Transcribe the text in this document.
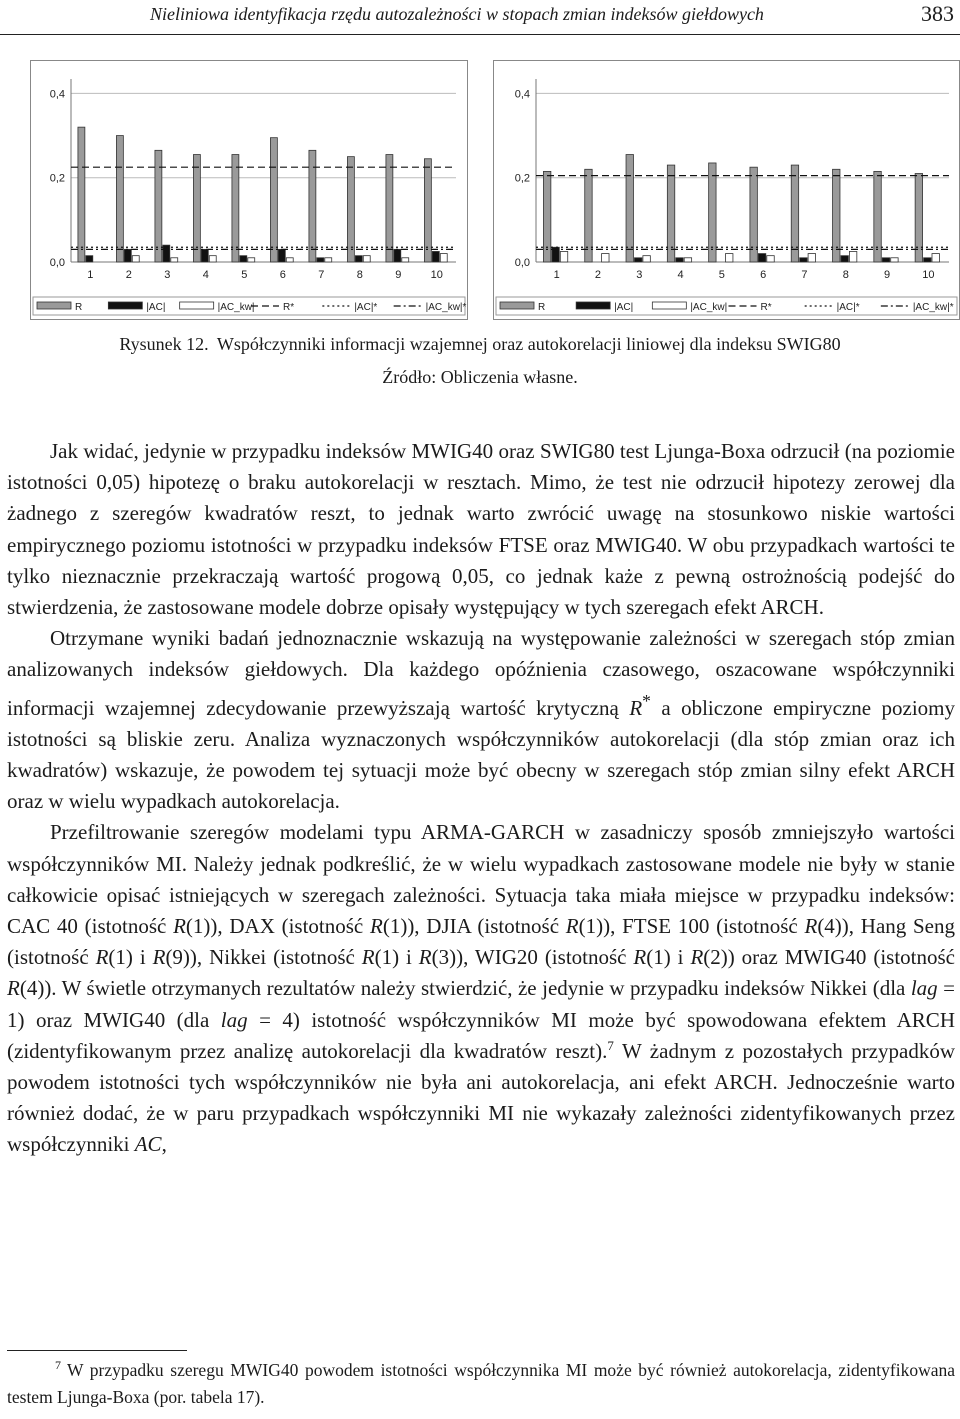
Nieliniowa identyfikacja rzędu autozależności w stopach zmian indeksów giełdowych	383
0,0
0,2
0,4
1	2	3	4	5	6	7	8	9	10
R	|AC|	|AC_kw|	R*	|AC|*	|AC_kw|*
0,0
0,2
0,4
1	2	3	4	5	6	7	8	9	10
R	|AC|	|AC_kw|	R*	|AC|*	|AC_kw|*
Rysunek 12. Współczynniki informacji wzajemnej oraz autokorelacji liniowej dla indeksu SWIG80
Źródło: Obliczenia własne.

Jak widać, jedynie w przypadku indeksów MWIG40 oraz SWIG80 test Ljunga-Boxa odrzucił (na poziomie istotności 0,05) hipotezę o braku autokorelacji w resztach. Mimo, że test nie odrzucił hipotezy zerowej dla żadnego z szeregów kwadratów reszt, to jednak warto zwrócić uwagę na stosunkowo niskie wartości empirycznego poziomu istotności w przypadku indeksów FTSE oraz MWIG40. W obu przypadkach wartości te tylko nieznacznie przekraczają wartość progową 0,05, co jednak każe z pewną ostrożnością podejść do stwierdzenia, że zastosowane modele dobrze opisały występujący w tych szeregach efekt ARCH.

Otrzymane wyniki badań jednoznacznie wskazują na występowanie zależności w szeregach stóp zmian analizowanych indeksów giełdowych. Dla każdego opóźnienia czasowego, oszacowane współczynniki informacji wzajemnej zdecydowanie przewyższają wartość krytyczną R* a obliczone empiryczne poziomy istotności są bliskie zeru. Analiza wyznaczonych współczynników autokorelacji (dla stóp zmian oraz ich kwadratów) wskazuje, że powodem tej sytuacji może być obecny w szeregach stóp zmian silny efekt ARCH oraz w wielu wypadkach autokorelacja.

Przefiltrowanie szeregów modelami typu ARMA-GARCH w zasadniczy sposób zmniejszyło wartości współczynników MI. Należy jednak podkreślić, że w wielu wypadkach zastosowane modele nie były w stanie całkowicie opisać istniejących w szeregach zależności. Sytuacja taka miała miejsce w przypadku indeksów: CAC 40 (istotność R(1)), DAX (istotność R(1)), DJIA (istotność R(1)), FTSE 100 (istotność R(4)), Hang Seng (istotność R(1) i R(9)), Nikkei (istotność R(1) i R(3)), WIG20 (istotność R(1) i R(2)) oraz MWIG40 (istotność R(4)). W świetle otrzymanych rezultatów należy stwierdzić, że jedynie w przypadku indeksów Nikkei (dla lag = 1) oraz MWIG40 (dla lag = 4) istotność współczynników MI może być spowodowana efektem ARCH (zidentyfikowanym przez analizę autokorelacji dla kwadratów reszt).$^7$ W żadnym z pozostałych przypadków powodem istotności tych współczynników nie była ani autokorelacja, ani efekt ARCH. Jednocześnie warto również dodać, że w paru przypadkach współczynniki MI nie wykazały zależności zidentyfikowanych przez współczynniki AC,

$^7$ W przypadku szeregu MWIG40 powodem istotności współczynnika MI może być również autokorelacja, zidentyfikowana testem Ljunga-Boxa (por. tabela 17).
